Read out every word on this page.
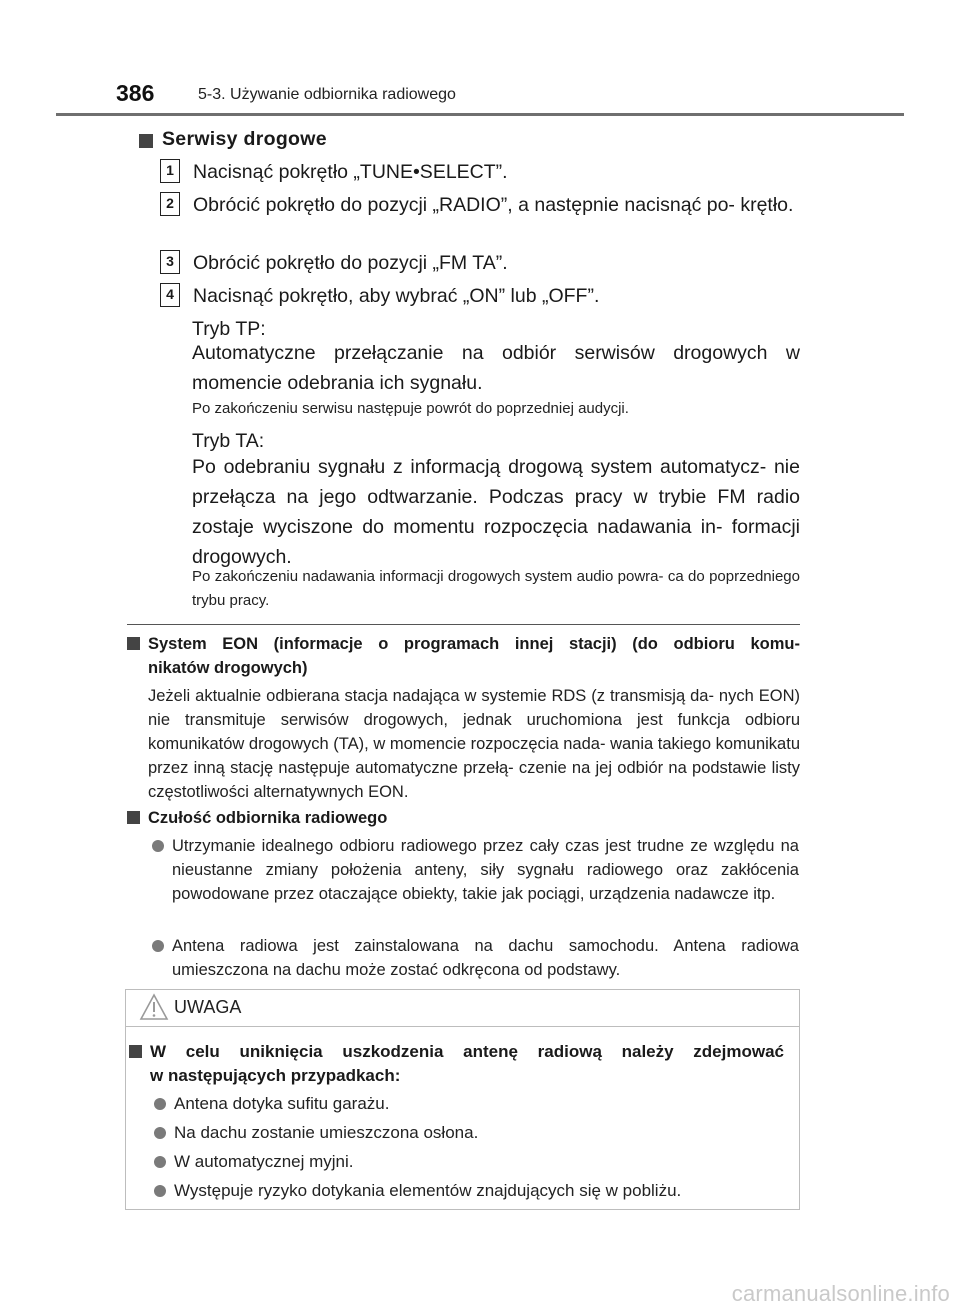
386	5-3. Używanie odbiornika radiowego
Serwisy drogowe
1 Nacisnąć pokrętło „TUNE•SELECT”.
2 Obrócić pokrętło do pozycji „RADIO”, a następnie nacisnąć po- krętło.
3 Obrócić pokrętło do pozycji „FM TA”.
4 Nacisnąć pokrętło, aby wybrać „ON” lub „OFF”.
Tryb TP:
Automatyczne przełączanie na odbiór serwisów drogowych w momencie odebrania ich sygnału.
Po zakończeniu serwisu następuje powrót do poprzedniej audycji.
Tryb TA:
Po odebraniu sygnału z informacją drogową system automatycz- nie przełącza na jego odtwarzanie. Podczas pracy w trybie FM radio zostaje wyciszone do momentu rozpoczęcia nadawania in- formacji drogowych.
Po zakończeniu nadawania informacji drogowych system audio powra- ca do poprzedniego trybu pracy.
System EON (informacje o programach innej stacji) (do odbioru komu-
nikatów drogowych)
Jeżeli aktualnie odbierana stacja nadająca w systemie RDS (z transmisją da- nych EON) nie transmituje serwisów drogowych, jednak uruchomiona jest funkcja odbioru komunikatów drogowych (TA), w momencie rozpoczęcia nada- wania takiego komunikatu przez inną stację następuje automatyczne przełą- czenie na jej odbiór na podstawie listy częstotliwości alternatywnych EON.
Czułość odbiornika radiowego
Utrzymanie idealnego odbioru radiowego przez cały czas jest trudne ze względu na nieustanne zmiany położenia anteny, siły sygnału radiowego oraz zakłócenia powodowane przez otaczające obiekty, takie jak pociągi, urządzenia nadawcze itp.
Antena radiowa jest zainstalowana na dachu samochodu. Antena radiowa umieszczona na dachu może zostać odkręcona od podstawy.
UWAGA
W celu uniknięcia uszkodzenia antenę radiową należy zdejmować
w następujących przypadkach:
Antena dotyka sufitu garażu.
Na dachu zostanie umieszczona osłona.
W automatycznej myjni.
Występuje ryzyko dotykania elementów znajdujących się w pobliżu.
carmanualsonline.info
